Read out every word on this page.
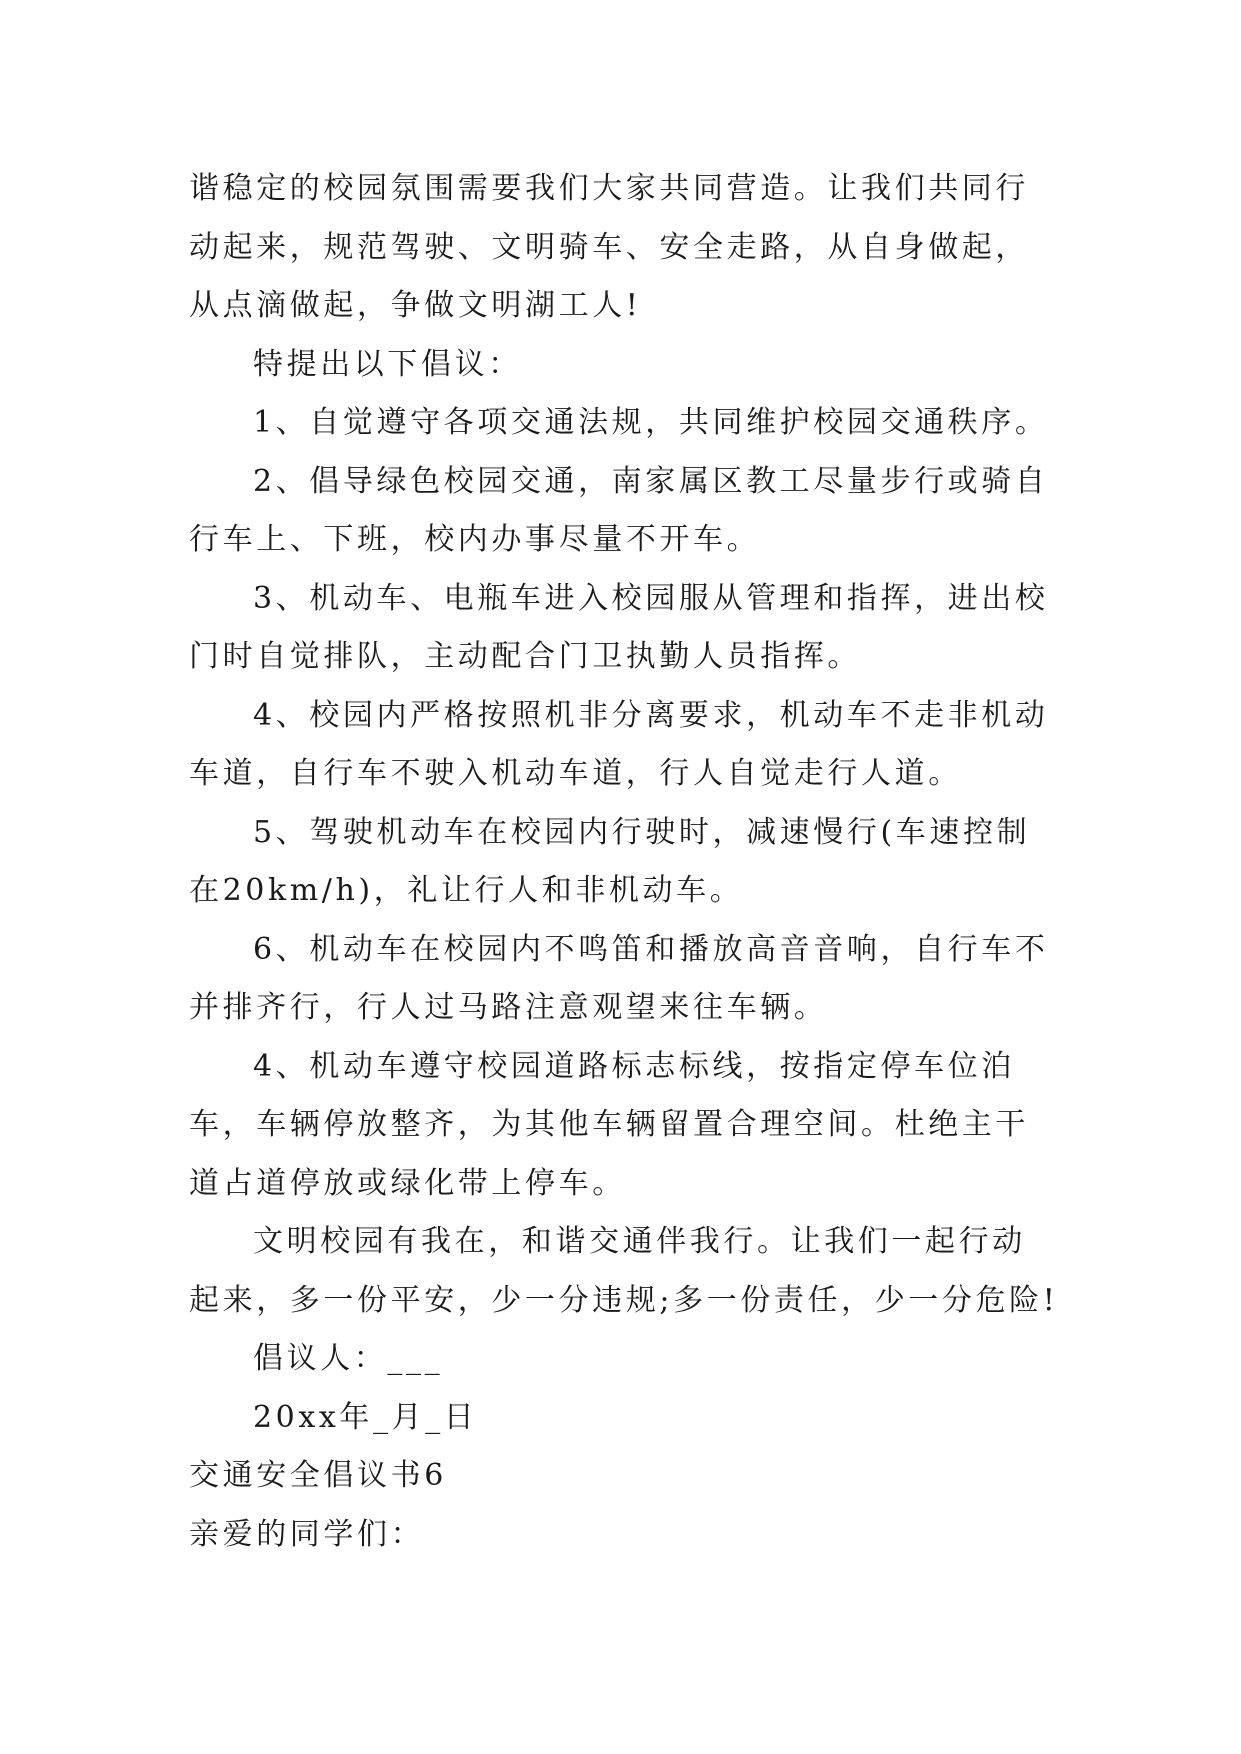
谐稳定的校园氛围需要我们大家共同营造。让我们共同行动起来，规范驾驶、文明骑车、安全走路，从自身做起，从点滴做起，争做文明湖工人!

特提出以下倡议：

1、自觉遵守各项交通法规，共同维护校园交通秩序。

2、倡导绿色校园交通，南家属区教工尽量步行或骑自行车上、下班，校内办事尽量不开车。

3、机动车、电瓶车进入校园服从管理和指挥，进出校门时自觉排队，主动配合门卫执勤人员指挥。

4、校园内严格按照机非分离要求，机动车不走非机动车道，自行车不驶入机动车道，行人自觉走行人道。

5、驾驶机动车在校园内行驶时，减速慢行(车速控制在20km/h)，礼让行人和非机动车。

6、机动车在校园内不鸣笛和播放高音音响，自行车不并排齐行，行人过马路注意观望来往车辆。

4、机动车遵守校园道路标志标线，按指定停车位泊车，车辆停放整齐，为其他车辆留置合理空间。杜绝主干道占道停放或绿化带上停车。

文明校园有我在，和谐交通伴我行。让我们一起行动起来，多一份平安，少一分违规;多一份责任，少一分危险!

倡议人：___

20xx年_月_日

交通安全倡议书6

亲爱的同学们：
